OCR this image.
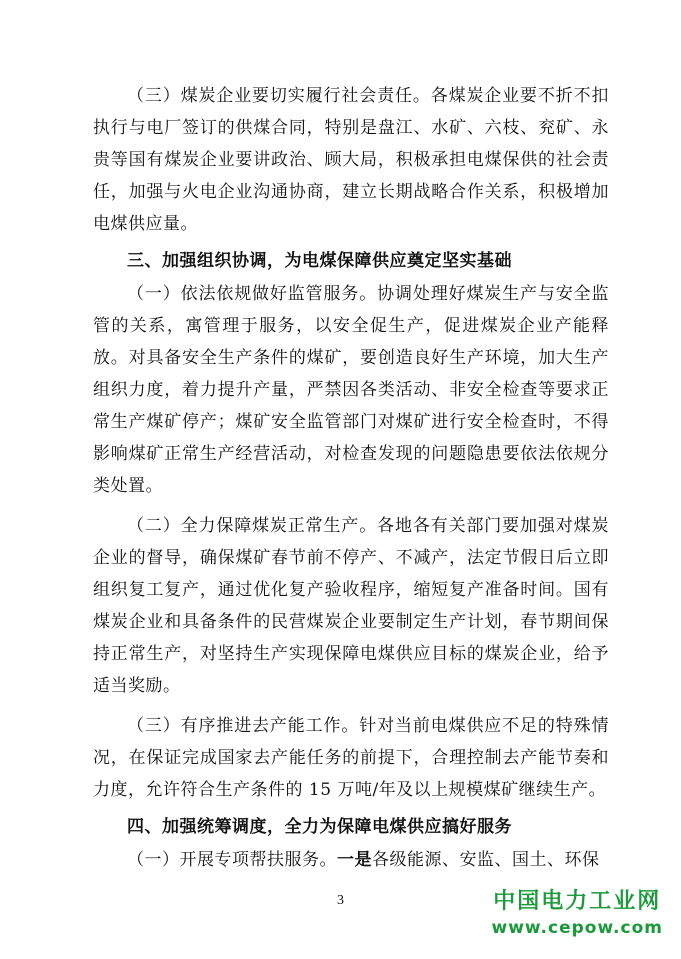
（三）煤炭企业要切实履行社会责任。各煤炭企业要不折不扣执行与电厂签订的供煤合同，特别是盘江、水矿、六枝、兖矿、永贵等国有煤炭企业要讲政治、顾大局，积极承担电煤保供的社会责任，加强与火电企业沟通协商，建立长期战略合作关系，积极增加电煤供应量。

三、加强组织协调，为电煤保障供应奠定坚实基础

（一）依法依规做好监管服务。协调处理好煤炭生产与安全监管的关系，寓管理于服务，以安全促生产，促进煤炭企业产能释放。对具备安全生产条件的煤矿，要创造良好生产环境，加大生产组织力度，着力提升产量，严禁因各类活动、非安全检查等要求正常生产煤矿停产；煤矿安全监管部门对煤矿进行安全检查时，不得影响煤矿正常生产经营活动，对检查发现的问题隐患要依法依规分类处置。

（二）全力保障煤炭正常生产。各地各有关部门要加强对煤炭企业的督导，确保煤矿春节前不停产、不减产，法定节假日后立即组织复工复产，通过优化复产验收程序，缩短复产准备时间。国有煤炭企业和具备条件的民营煤炭企业要制定生产计划，春节期间保持正常生产，对坚持生产实现保障电煤供应目标的煤炭企业，给予适当奖励。

（三）有序推进去产能工作。针对当前电煤供应不足的特殊情况，在保证完成国家去产能任务的前提下，合理控制去产能节奏和力度，允许符合生产条件的 15 万吨/年及以上规模煤矿继续生产。

四、加强统筹调度，全力为保障电煤供应搞好服务

（一）开展专项帮扶服务。一是各级能源、安监、国土、环保

3	中国电力工业网
www.cepow.com
